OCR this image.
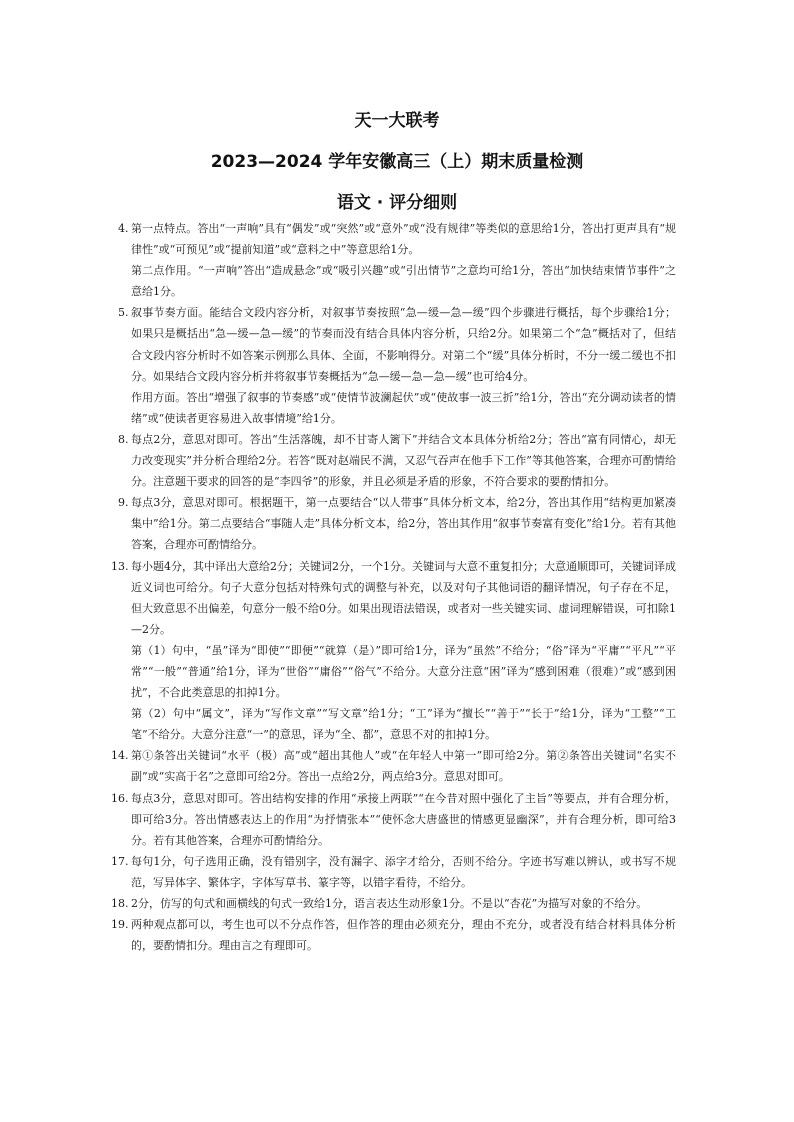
天一大联考
2023—2024 学年安徽高三（上）期末质量检测
语文 · 评分细则
4. 第一点特点。答出“一声响”具有“偶发”或“突然”或“意外”或“没有规律”等类似的意思给1分，答出打更声具有“规律性”或“可预见”或“提前知道”或“意料之中”等意思给1分。

第二点作用。“一声响”答出“造成悬念”或“吸引兴趣”或“引出情节”之意均可给1分，答出“加快结束情节事件”之意给1分。

5. 叙事节奏方面。能结合文段内容分析，对叙事节奏按照“急—缓—急—缓”四个步骤进行概括，每个步骤给1分；如果只是概括出“急—缓—急—缓”的节奏而没有结合具体内容分析，只给2分。如果第二个“急”概括对了，但结合文段内容分析时不如答案示例那么具体、全面，不影响得分。对第二个“缓”具体分析时，不分一缓二缓也不扣分。如果结合文段内容分析并将叙事节奏概括为“急—缓—急—急—缓”也可给4分。

作用方面。答出“增强了叙事的节奏感”或“使情节波澜起伏”或“使故事一波三折”给1分，答出“充分调动读者的情绪”或“使读者更容易进入故事情境”给1分。

8. 每点2分，意思对即可。答出“生活落魄，却不甘寄人篱下”并结合文本具体分析给2分；答出“富有同情心，却无力改变现实”并分析合理给2分。若答“既对赵端民不满，又忍气吞声在他手下工作”等其他答案，合理亦可酌情给分。注意题干要求的回答的是“李四爷”的形象，并且必须是矛盾的形象，不符合要求的要酌情扣分。

9. 每点3分，意思对即可。根据题干，第一点要结合“以人带事”具体分析文本，给2分，答出其作用“结构更加紧凑集中”给1分。第二点要结合“事随人走”具体分析文本，给2分，答出其作用“叙事节奏富有变化”给1分。若有其他答案，合理亦可酌情给分。

13. 每小题4分，其中译出大意给2分；关键词2分，一个1分。关键词与大意不重复扣分；大意通顺即可，关键词译成近义词也可给分。句子大意分包括对特殊句式的调整与补充，以及对句子其他词语的翻译情况，句子存在不足，但大致意思不出偏差，句意分一般不给0分。如果出现语法错误，或者对一些关键实词、虚词理解错误，可扣除1—2分。

第（1）句中，“虽”译为“即使”“即便”“就算（是）”即可给1分，译为“虽然”不给分；“俗”译为“平庸”“平凡”“平常”“一般”“普通”给1分，译为“世俗”“庸俗”“俗气”不给分。大意分注意“困”译为“感到困难（很难）”或“感到困扰”，不合此类意思的扣掉1分。

第（2）句中“属文”，译为“写作文章”“写文章”给1分；“工”译为“擅长”“善于”“长于”给1分，译为“工整”“工笔”不给分。大意分注意“一”的意思，译为“全、都”，意思不对的扣掉1分。

14. 第①条答出关键词“水平（极）高”或“超出其他人”或“在年轻人中第一”即可给2分。第②条答出关键词“名实不副”或“实高于名”之意即可给2分。答出一点给2分，两点给3分。意思对即可。

16. 每点3分，意思对即可。答出结构安排的作用“承接上两联”“在今昔对照中强化了主旨”等要点，并有合理分析，即可给3分。答出情感表达上的作用“为抒情张本”“使怀念大唐盛世的情感更显幽深”，并有合理分析，即可给3分。若有其他答案，合理亦可酌情给分。

17. 每句1分，句子选用正确，没有错别字，没有漏字、添字才给分，否则不给分。字迹书写难以辨认，或书写不规范，写异体字、繁体字，字体写草书、篆字等，以错字看待，不给分。

18. 2分，仿写的句式和画横线的句式一致给1分，语言表达生动形象1分。不是以“杏花”为描写对象的不给分。

19. 两种观点都可以，考生也可以不分点作答，但作答的理由必须充分，理由不充分，或者没有结合材料具体分析的，要酌情扣分。理由言之有理即可。
